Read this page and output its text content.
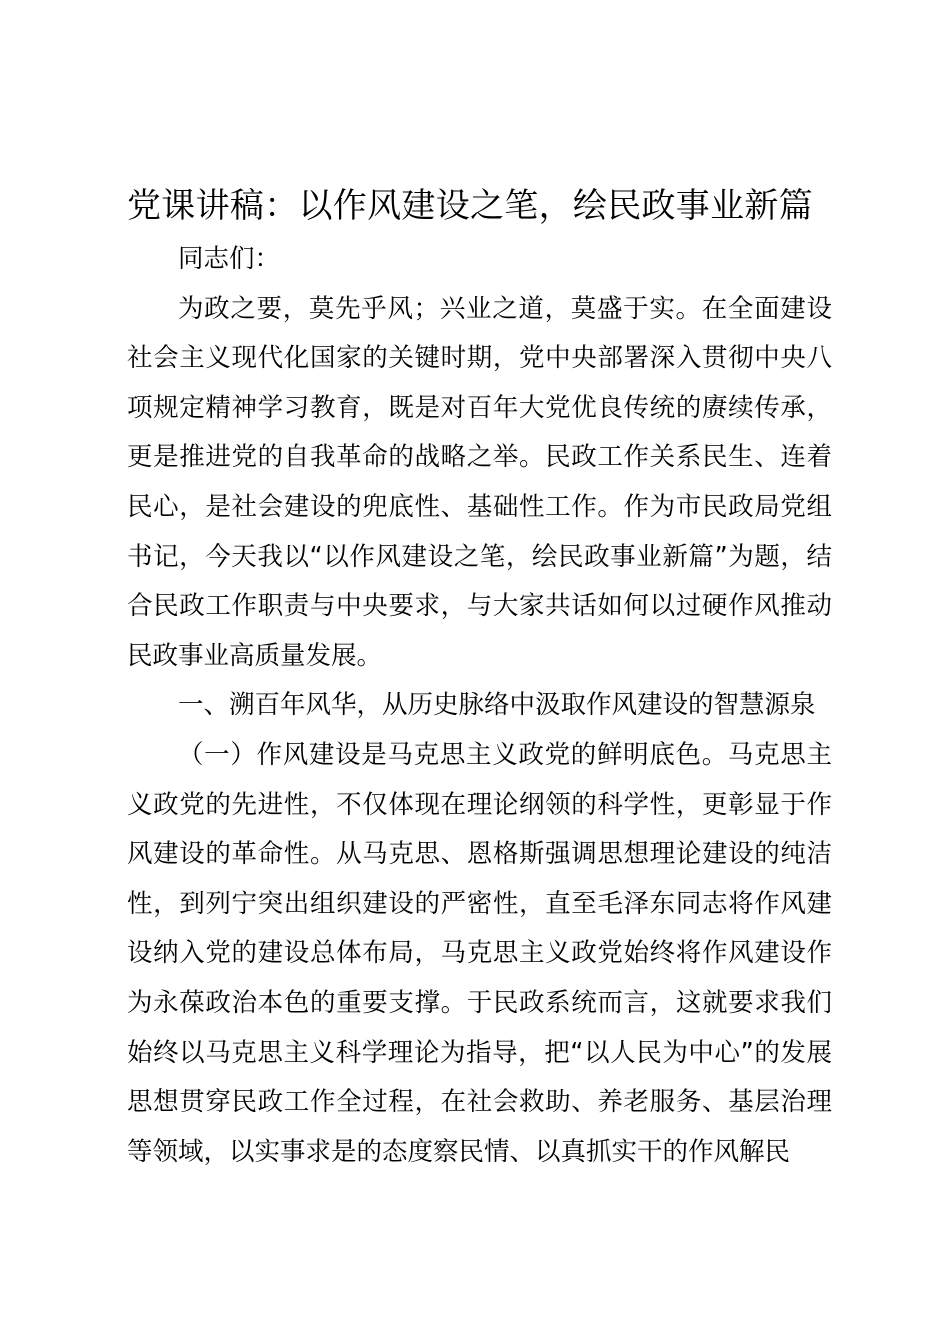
党课讲稿：以作风建设之笔，绘民政事业新篇

同志们：

为政之要，莫先乎风；兴业之道，莫盛于实。在全面建设社会主义现代化国家的关键时期，党中央部署深入贯彻中央八项规定精神学习教育，既是对百年大党优良传统的赓续传承，更是推进党的自我革命的战略之举。民政工作关系民生、连着民心，是社会建设的兜底性、基础性工作。作为市民政局党组书记，今天我以“以作风建设之笔，绘民政事业新篇”为题，结合民政工作职责与中央要求，与大家共话如何以过硬作风推动民政事业高质量发展。

一、溯百年风华，从历史脉络中汲取作风建设的智慧源泉

（一）作风建设是马克思主义政党的鲜明底色。马克思主义政党的先进性，不仅体现在理论纲领的科学性，更彰显于作风建设的革命性。从马克思、恩格斯强调思想理论建设的纯洁性，到列宁突出组织建设的严密性，直至毛泽东同志将作风建设纳入党的建设总体布局，马克思主义政党始终将作风建设作为永葆政治本色的重要支撑。于民政系统而言，这就要求我们始终以马克思主义科学理论为指导，把“以人民为中心”的发展思想贯穿民政工作全过程，在社会救助、养老服务、基层治理等领域，以实事求是的态度察民情、以真抓实干的作风解民
